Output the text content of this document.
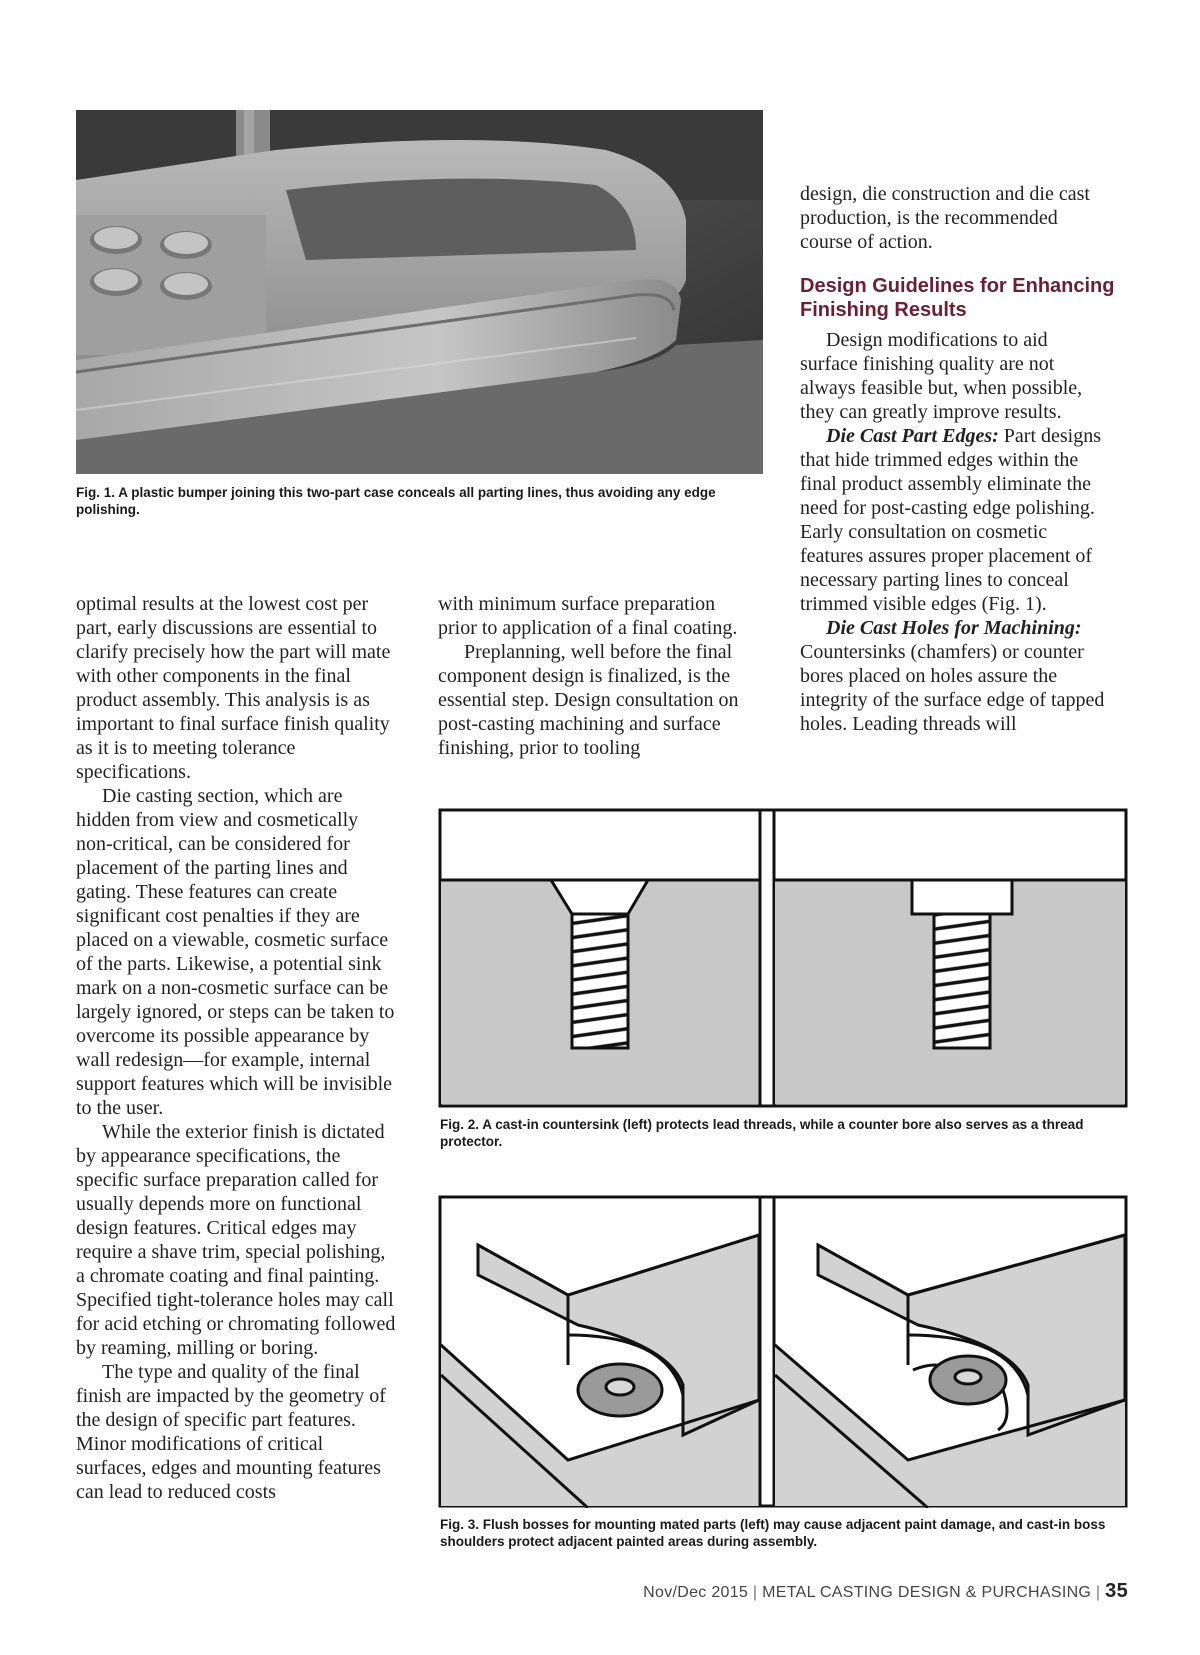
Fig. 1. A plastic bumper joining this two-part case conceals all parting lines, thus avoiding any edge polishing.

optimal results at the lowest cost per part, early discussions are essential to clarify precisely how the part will mate with other components in the final product assembly. This analysis is as important to final surface finish quality as it is to meeting tolerance specifications.

Die casting section, which are hidden from view and cosmetically non-critical, can be considered for placement of the parting lines and gating. These features can create significant cost penalties if they are placed on a viewable, cosmetic surface of the parts. Likewise, a potential sink mark on a non-cosmetic surface can be largely ignored, or steps can be taken to overcome its possible appearance by wall redesign—for example, internal support features which will be invisible to the user.

While the exterior finish is dictated by appearance specifications, the specific surface preparation called for usually depends more on functional design features. Critical edges may require a shave trim, special polishing, a chromate coating and final painting. Specified tight-tolerance holes may call for acid etching or chromating followed by reaming, milling or boring.

The type and quality of the final finish are impacted by the geometry of the design of specific part features. Minor modifications of critical surfaces, edges and mounting features can lead to reduced costs

with minimum surface preparation prior to application of a final coating.

Preplanning, well before the final component design is finalized, is the essential step. Design consultation on post-casting machining and surface finishing, prior to tooling

design, die construction and die cast production, is the recommended course of action.

Design Guidelines for Enhancing Finishing Results

Design modifications to aid surface finishing quality are not always feasible but, when possible, they can greatly improve results.

Die Cast Part Edges: Part designs that hide trimmed edges within the final product assembly eliminate the need for post-casting edge polishing. Early consultation on cosmetic features assures proper placement of necessary parting lines to conceal trimmed visible edges (Fig. 1).

Die Cast Holes for Machining: Countersinks (chamfers) or counter bores placed on holes assure the integrity of the surface edge of tapped holes. Leading threads will

Fig. 2. A cast-in countersink (left) protects lead threads, while a counter bore also serves as a thread protector.
Fig. 3. Flush bosses for mounting mated parts (left) may cause adjacent paint damage, and cast-in boss shoulders protect adjacent painted areas during assembly.
Nov/Dec 2015 | METAL CASTING DESIGN & PURCHASING | 35
